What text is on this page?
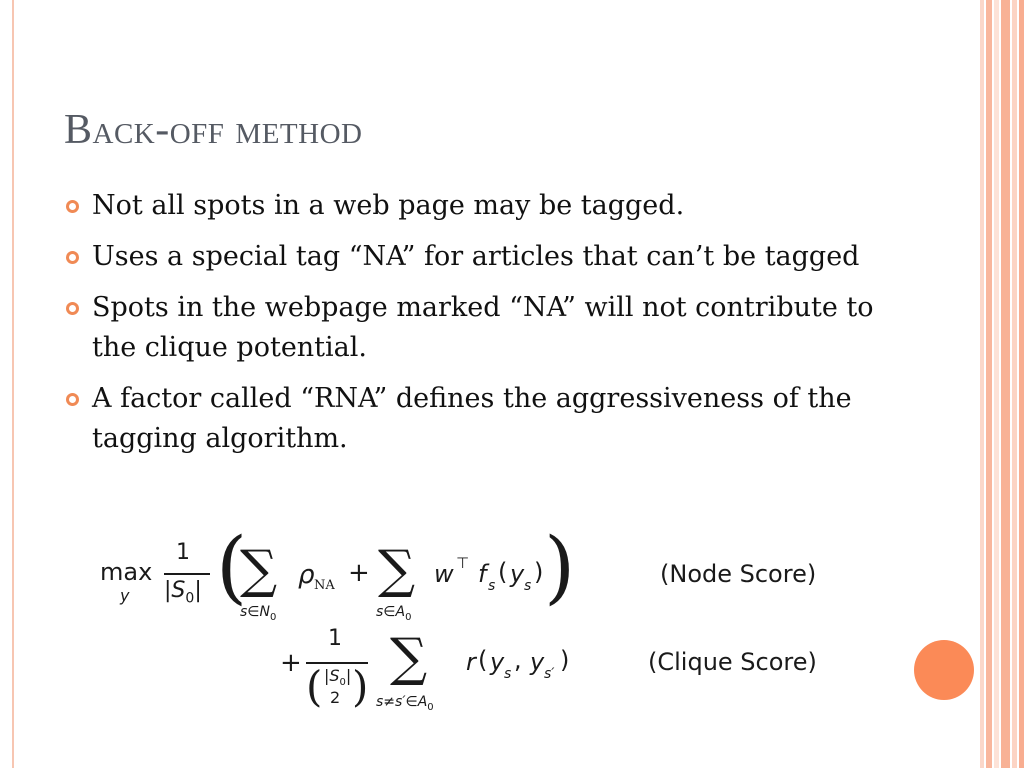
Back-off method
Not all spots in a web page may be tagged.
Uses a special tag “NA” for articles that can’t be tagged
Spots in the webpage marked “NA” will not contribute to the clique potential.
A factor called “RNA” defines the aggressiveness of the tagging algorithm.
max
y
1
$|S_0|$ (
∑
$s\in N_0$
ρ NA + ∑
$s\in A_0$
w ⊤ f s ( y s ) )	(Node Score)
+
1
( $|S_0|$
2 ) ∑
$s\ne s'\in A_0$
r ( y s , y s′ )	(Clique Score)
